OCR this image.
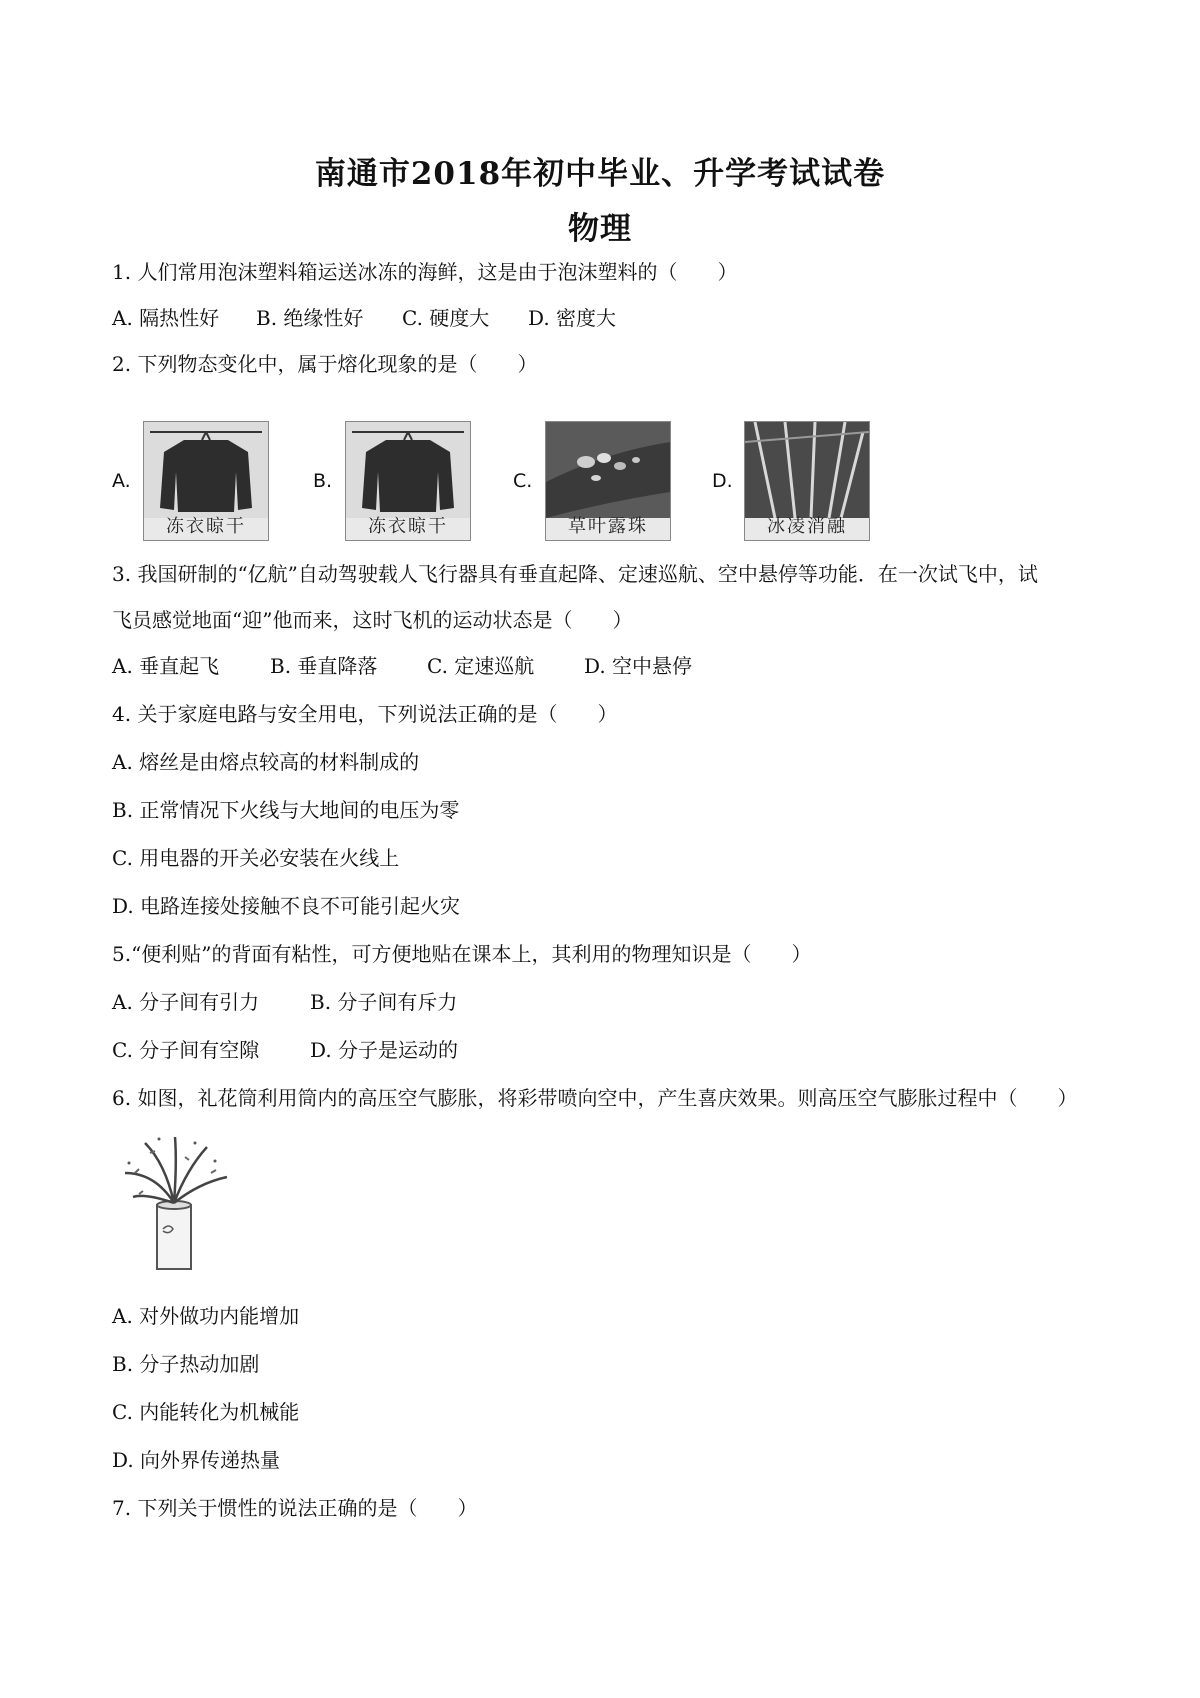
南通市2018年初中毕业、升学考试试卷
物理
1. 人们常用泡沫塑料箱运送冰冻的海鲜，这是由于泡沫塑料的（　　）
A. 隔热性好 B. 绝缘性好 C. 硬度大 D. 密度大
2. 下列物态变化中，属于熔化现象的是（　　）
A.
冻衣晾干
B.
冻衣晾干
C.
草叶露珠
D.
冰凌消融
3. 我国研制的“亿航”自动驾驶载人飞行器具有垂直起降、定速巡航、空中悬停等功能．在一次试飞中，试
飞员感觉地面“迎”他而来，这时飞机的运动状态是（　　）
A. 垂直起飞	B. 垂直降落 C. 定速巡航 D. 空中悬停
4. 关于家庭电路与安全用电，下列说法正确的是（　　）
A. 熔丝是由熔点较高的材料制成的
B. 正常情况下火线与大地间的电压为零
C. 用电器的开关必安装在火线上
D. 电路连接处接触不良不可能引起火灾
5.“便利贴”的背面有粘性，可方便地贴在课本上，其利用的物理知识是（　　）
A. 分子间有引力	B. 分子间有斥力
C. 分子间有空隙	D. 分子是运动的
6. 如图，礼花筒利用筒内的高压空气膨胀，将彩带喷向空中，产生喜庆效果。则高压空气膨胀过程中（　　）
A. 对外做功内能增加
B. 分子热动加剧
C. 内能转化为机械能
D. 向外界传递热量
7. 下列关于惯性的说法正确的是（　　）
